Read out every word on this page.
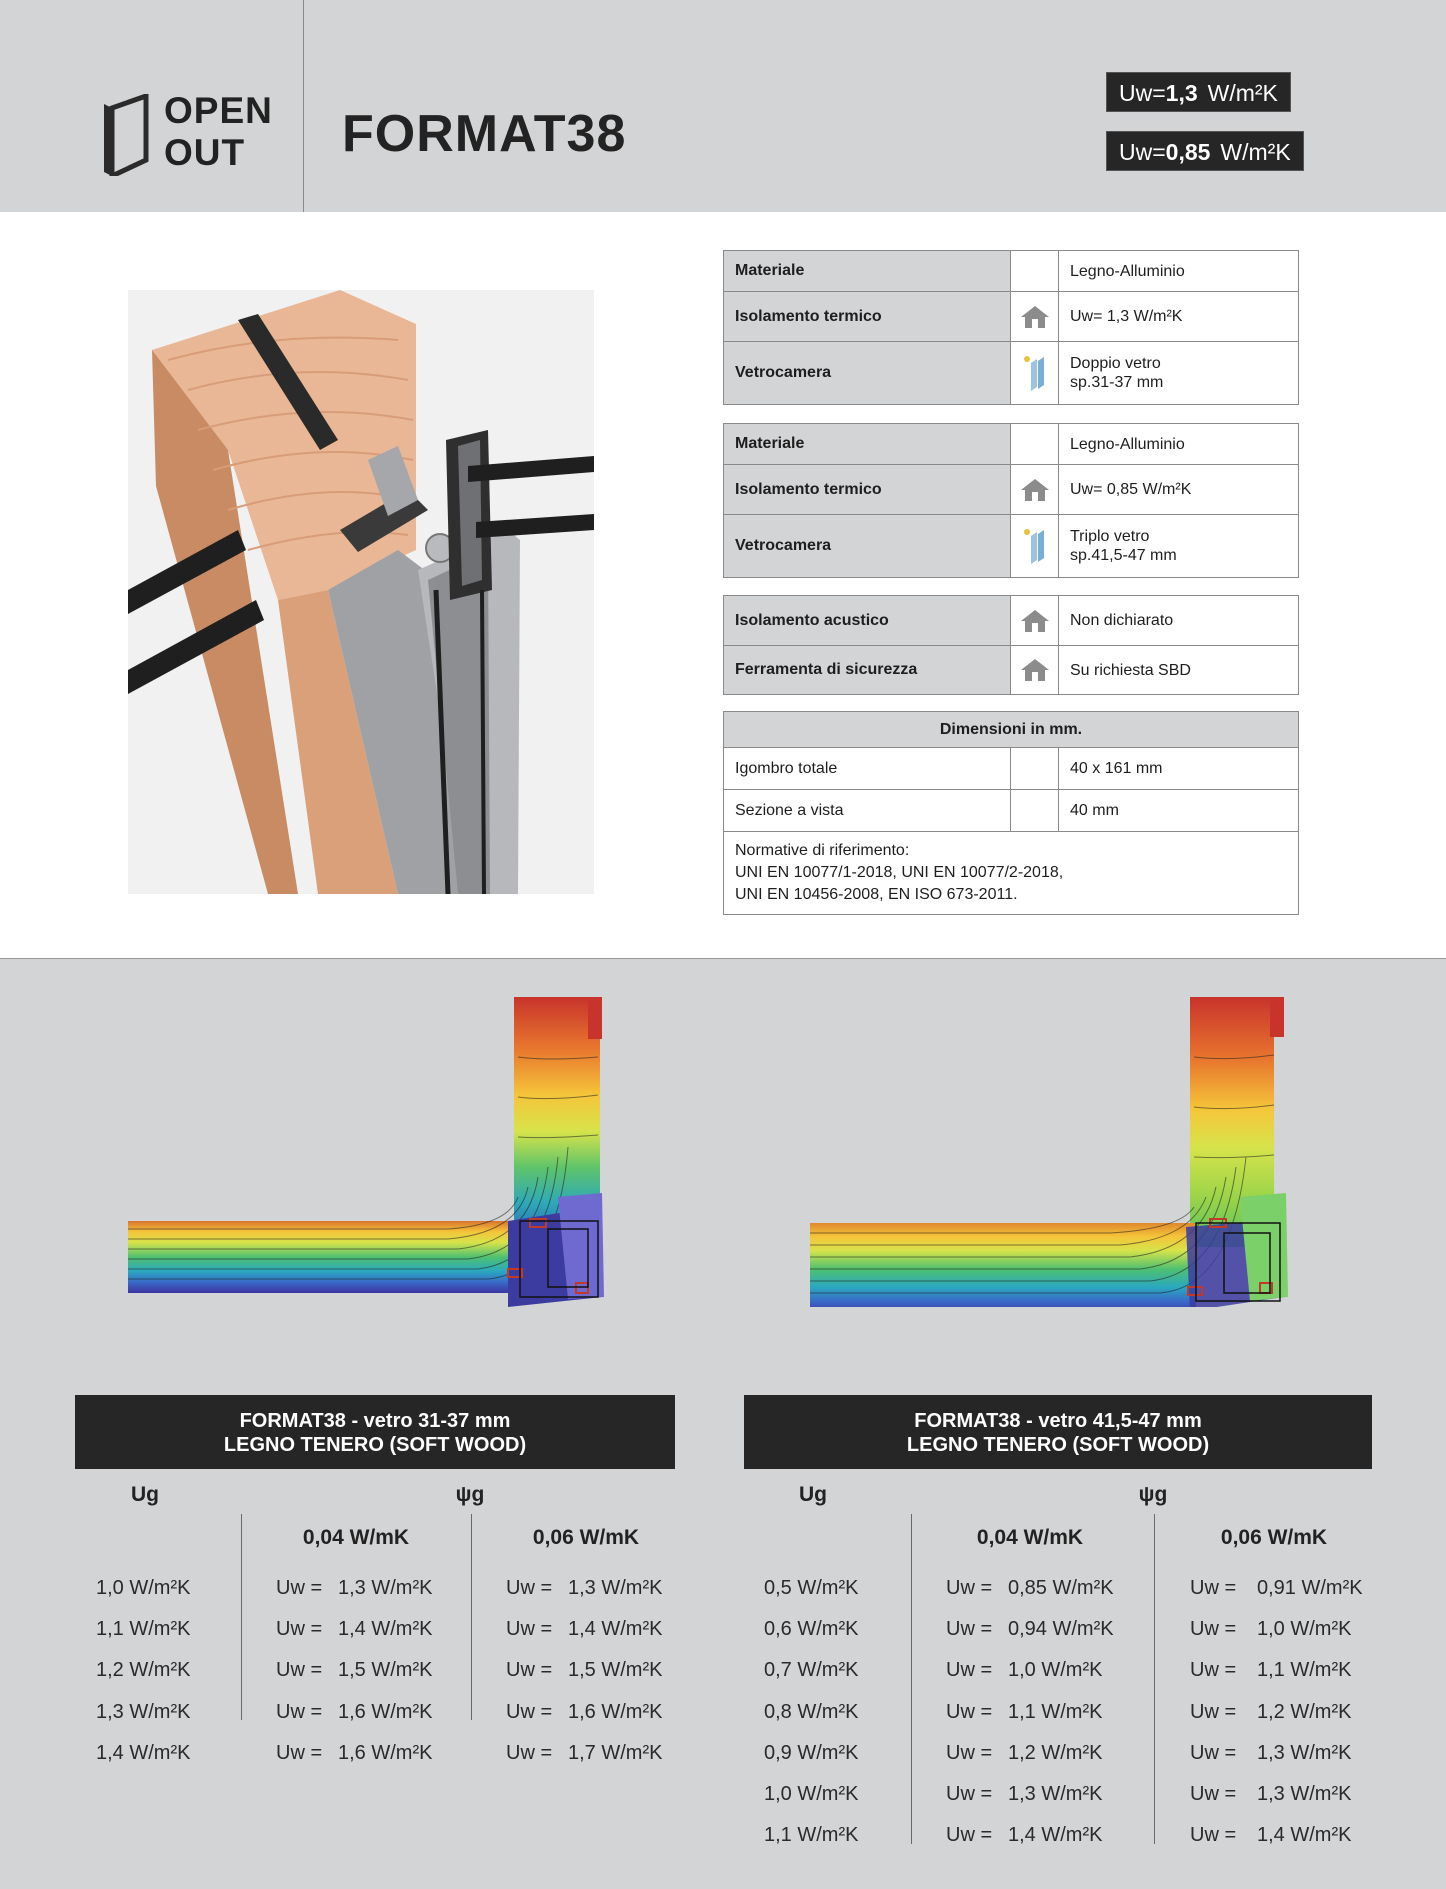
OPEN
OUT	FORMAT38
Uw=1,3 W/m²K
Uw=0,85 W/m²K
Materiale		Legno-Alluminio
Isolamento termico		Uw= 1,3 W/m²K
Vetrocamera		Doppio vetro
sp.31-37 mm
Materiale		Legno-Alluminio
Isolamento termico		Uw= 0,85 W/m²K
Vetrocamera		Triplo vetro
sp.41,5-47 mm
Isolamento acustico		Non dichiarato
Ferramenta di sicurezza		Su richiesta SBD
Dimensioni in mm.		
Igombro totale		40 x 161 mm
Sezione a vista		40 mm

Normative di riferimento:
UNI EN 10077/1-2018, UNI EN 10077/2-2018,
UNI EN 10456-2008, EN ISO 673-2011.		
FORMAT38 - vetro 31-37 mm
LEGNO TENERO (SOFT WOOD)
Ug	ψg
0,04 W/mK	0,06 W/mK
1,0 W/m²K	Uw = 1,3 W/m²K	Uw = 1,3 W/m²K
1,1 W/m²K	Uw = 1,4 W/m²K	Uw = 1,4 W/m²K
1,2 W/m²K	Uw = 1,5 W/m²K	Uw = 1,5 W/m²K
1,3 W/m²K	Uw = 1,6 W/m²K	Uw = 1,6 W/m²K
1,4 W/m²K	Uw = 1,6 W/m²K	Uw = 1,7 W/m²K
FORMAT38 - vetro 41,5-47 mm
LEGNO TENERO (SOFT WOOD)
Ug	ψg
0,04 W/mK	0,06 W/mK
0,5 W/m²K	Uw = 0,85 W/m²K	Uw = 0,91 W/m²K
0,6 W/m²K	Uw = 0,94 W/m²K	Uw = 1,0 W/m²K
0,7 W/m²K	Uw = 1,0 W/m²K	Uw = 1,1 W/m²K
0,8 W/m²K	Uw = 1,1 W/m²K	Uw = 1,2 W/m²K
0,9 W/m²K	Uw = 1,2 W/m²K	Uw = 1,3 W/m²K
1,0 W/m²K	Uw = 1,3 W/m²K	Uw = 1,3 W/m²K
1,1 W/m²K	Uw = 1,4 W/m²K	Uw = 1,4 W/m²K
